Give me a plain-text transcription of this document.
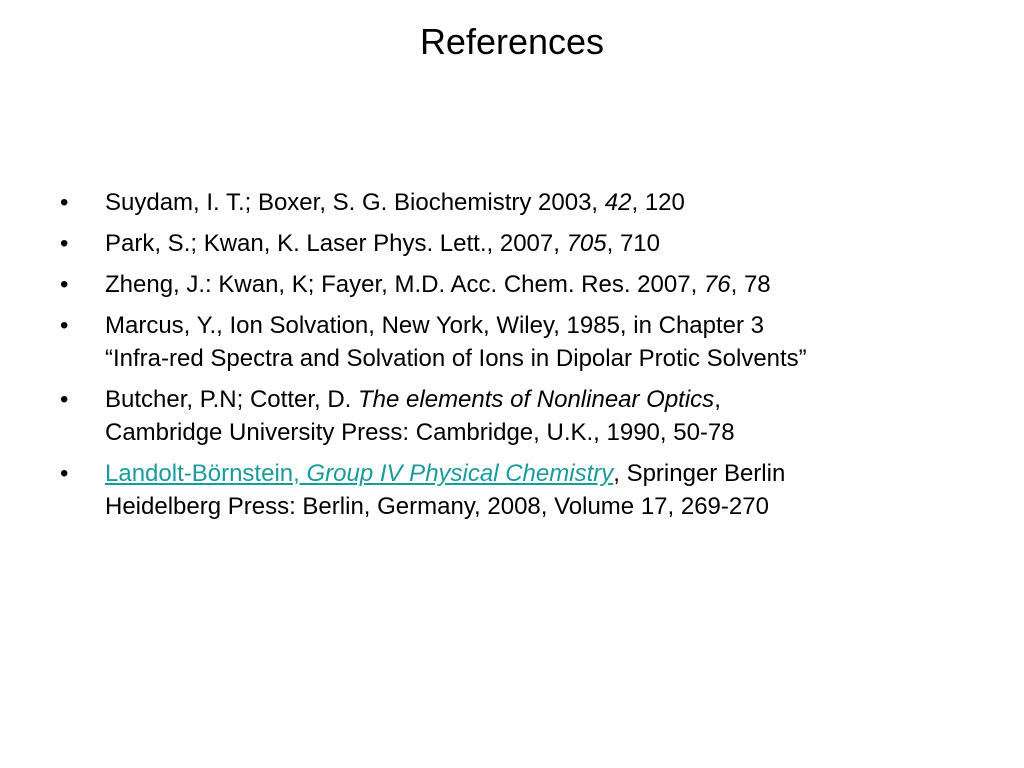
References
• Suydam, I. T.; Boxer, S. G. Biochemistry 2003, 42, 120
• Park, S.; Kwan, K. Laser Phys. Lett., 2007, 705, 710
• Zheng, J.: Kwan, K; Fayer, M.D. Acc. Chem. Res. 2007, 76, 78
• Marcus, Y., Ion Solvation, New York, Wiley, 1985, in Chapter 3
“Infra-red Spectra and Solvation of Ions in Dipolar Protic Solvents”
• Butcher, P.N; Cotter, D. The elements of Nonlinear Optics,
Cambridge University Press: Cambridge, U.K., 1990, 50-78
• Landolt-Börnstein, Group IV Physical Chemistry, Springer Berlin
Heidelberg Press: Berlin, Germany, 2008, Volume 17, 269-270
